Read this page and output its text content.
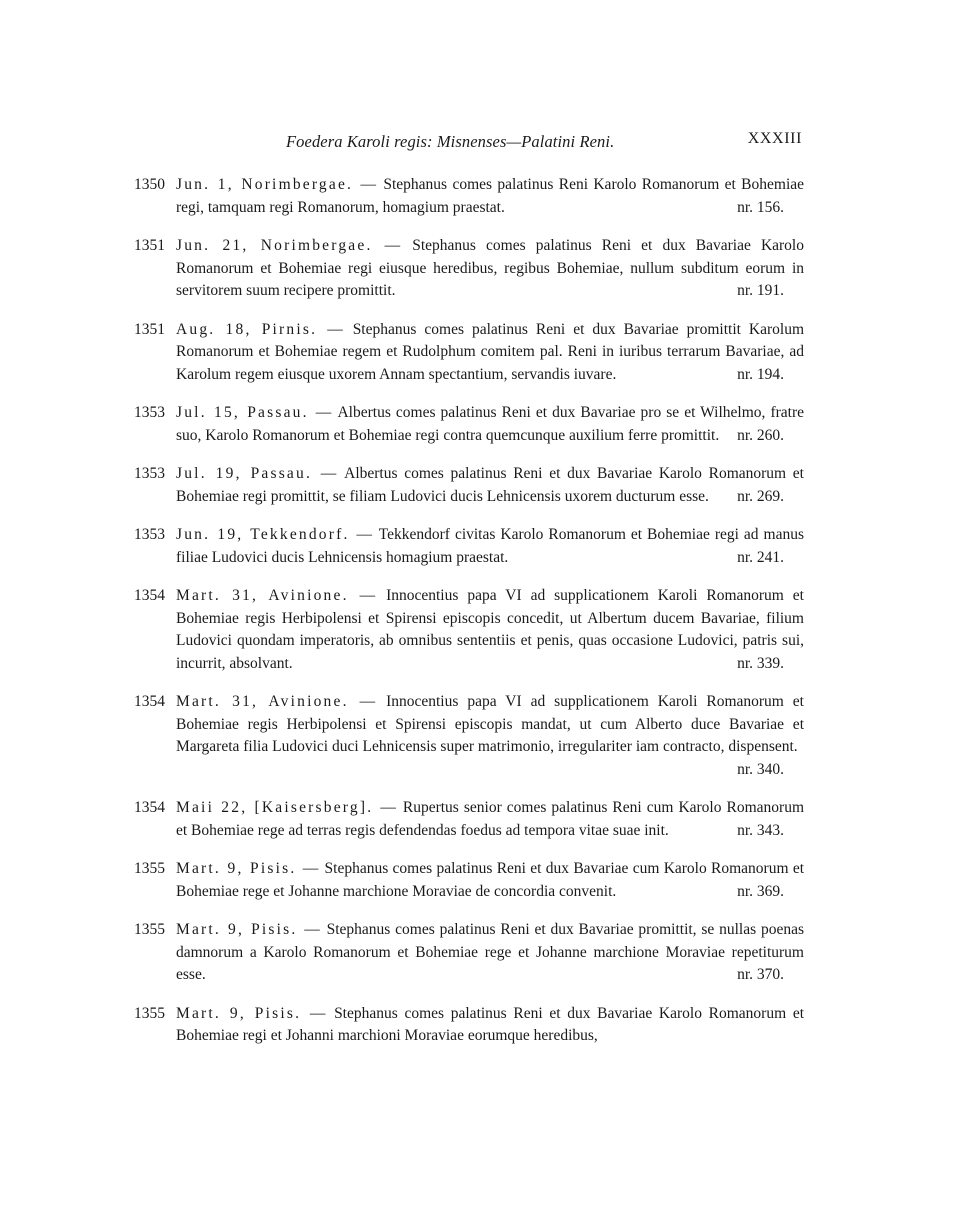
Foedera Karoli regis: Misnenses—Palatini Reni.	XXXIII
1350 Jun. 1, Norimbergae. — Stephanus comes palatinus Reni Karolo Romanorum et Bohemiae regi, tamquam regi Romanorum, homagium praestat.	nr. 156.
1351 Jun. 21, Norimbergae. — Stephanus comes palatinus Reni et dux Bavariae Karolo Romanorum et Bohemiae regi eiusque heredibus, regibus Bohemiae, nullum subditum eorum in servitorem suum recipere promittit.	nr. 191.
1351 Aug. 18, Pirnis. — Stephanus comes palatinus Reni et dux Bavariae promittit Karolum Romanorum et Bohemiae regem et Rudolphum comitem pal. Reni in iuribus terrarum Bavariae, ad Karolum regem eiusque uxorem Annam spectantium, servandis iuvare.	nr. 194.
1353 Jul. 15, Passau. — Albertus comes palatinus Reni et dux Bavariae pro se et Wilhelmo, fratre suo, Karolo Romanorum et Bohemiae regi contra quemcunque auxilium ferre promittit. nr. 260.
1353 Jul. 19, Passau. — Albertus comes palatinus Reni et dux Bavariae Karolo Romanorum et Bohemiae regi promittit, se filiam Ludovici ducis Lehnicensis uxorem ducturum esse. nr. 269.
1353 Jun. 19, Tekkendorf. — Tekkendorf civitas Karolo Romanorum et Bohemiae regi ad manus filiae Ludovici ducis Lehnicensis homagium praestat.	nr. 241.
1354 Mart. 31, Avinione. — Innocentius papa VI ad supplicationem Karoli Romanorum et Bohemiae regis Herbipolensi et Spirensi episcopis concedit, ut Albertum ducem Bavariae, filium Ludovici quondam imperatoris, ab omnibus sententiis et penis, quas occasione Ludovici, patris sui, incurrit, absolvant.	nr. 339.
1354 Mart. 31, Avinione. — Innocentius papa VI ad supplicationem Karoli Romanorum et Bohemiae regis Herbipolensi et Spirensi episcopis mandat, ut cum Alberto duce Bavariae et Margareta filia Ludovici duci Lehnicensis super matrimonio, irregulariter iam contracto, dispensent.
nr. 340.
1354 Maii 22, [Kaisersberg]. — Rupertus senior comes palatinus Reni cum Karolo Romanorum et Bohemiae rege ad terras regis defendendas foedus ad tempora vitae suae init.	nr. 343.
1355 Mart. 9, Pisis. — Stephanus comes palatinus Reni et dux Bavariae cum Karolo Romanorum et Bohemiae rege et Johanne marchione Moraviae de concordia convenit.	nr. 369.
1355 Mart. 9, Pisis. — Stephanus comes palatinus Reni et dux Bavariae promittit, se nullas poenas damnorum a Karolo Romanorum et Bohemiae rege et Johanne marchione Moraviae repetiturum esse.	nr. 370.
1355 Mart. 9, Pisis. — Stephanus comes palatinus Reni et dux Bavariae Karolo Romanorum et Bohemiae regi et Johanni marchioni Moraviae eorumque heredibus,
